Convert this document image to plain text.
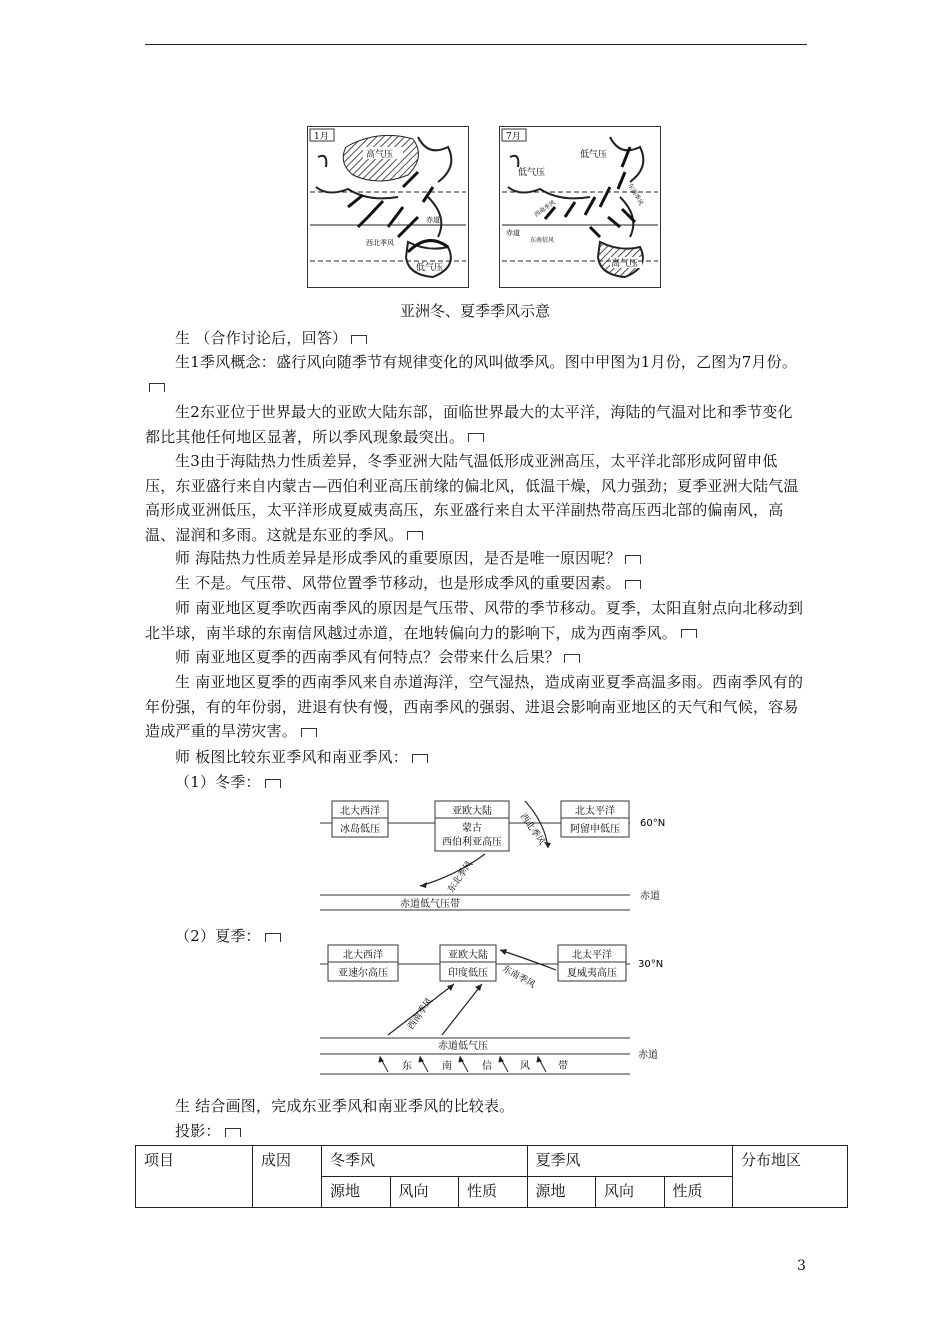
1月
高气压
赤道
西北季风
低气压
7月
低气压
低气压
高气压
赤道
东南季风
西南季风
东南信风
亚洲冬、夏季季风示意
生 （合作讨论后，回答）
生1季风概念：盛行风向随季节有规律变化的风叫做季风。图中甲图为1月份，乙图为7月份。
生2东亚位于世界最大的亚欧大陆东部，面临世界最大的太平洋，海陆的气温对比和季节变化都比其他任何地区显著，所以季风现象最突出。
生3由于海陆热力性质差异，冬季亚洲大陆气温低形成亚洲高压，太平洋北部形成阿留申低压，东亚盛行来自内蒙古—西伯利亚高压前缘的偏北风，低温干燥，风力强劲；夏季亚洲大陆气温高形成亚洲低压，太平洋形成夏威夷高压，东亚盛行来自太平洋副热带高压西北部的偏南风，高温、湿润和多雨。这就是东亚的季风。
师 海陆热力性质差异是形成季风的重要原因，是否是唯一原因呢？
生 不是。气压带、风带位置季节移动，也是形成季风的重要因素。
师 南亚地区夏季吹西南季风的原因是气压带、风带的季节移动。夏季，太阳直射点向北移动到北半球，南半球的东南信风越过赤道，在地转偏向力的影响下，成为西南季风。
师 南亚地区夏季的西南季风有何特点？会带来什么后果？
生 南亚地区夏季的西南季风来自赤道海洋，空气湿热，造成南亚夏季高温多雨。西南季风有的年份强，有的年份弱，进退有快有慢，西南季风的强弱、进退会影响南亚地区的天气和气候，容易造成严重的旱涝灾害。
师 板图比较东亚季风和南亚季风：
（1）冬季：
北大西洋
冰岛低压
亚欧大陆
蒙古
西伯利亚高压
北太平洋
阿留申低压
60°N
西北季风
东北季风
赤道
赤道低气压带
（2）夏季：
北大西洋
亚速尔高压
亚欧大陆
印度低压
北太平洋
夏威夷高压
30°N
东南季风
西南季风
赤道低气压
赤道
东	南	信	风	带
生 结合画图，完成东亚季风和南亚季风的比较表。
投影：
项目	成因	冬季风			夏季风			分布地区
		源地	风向	性质	源地	风向	性质	
3
